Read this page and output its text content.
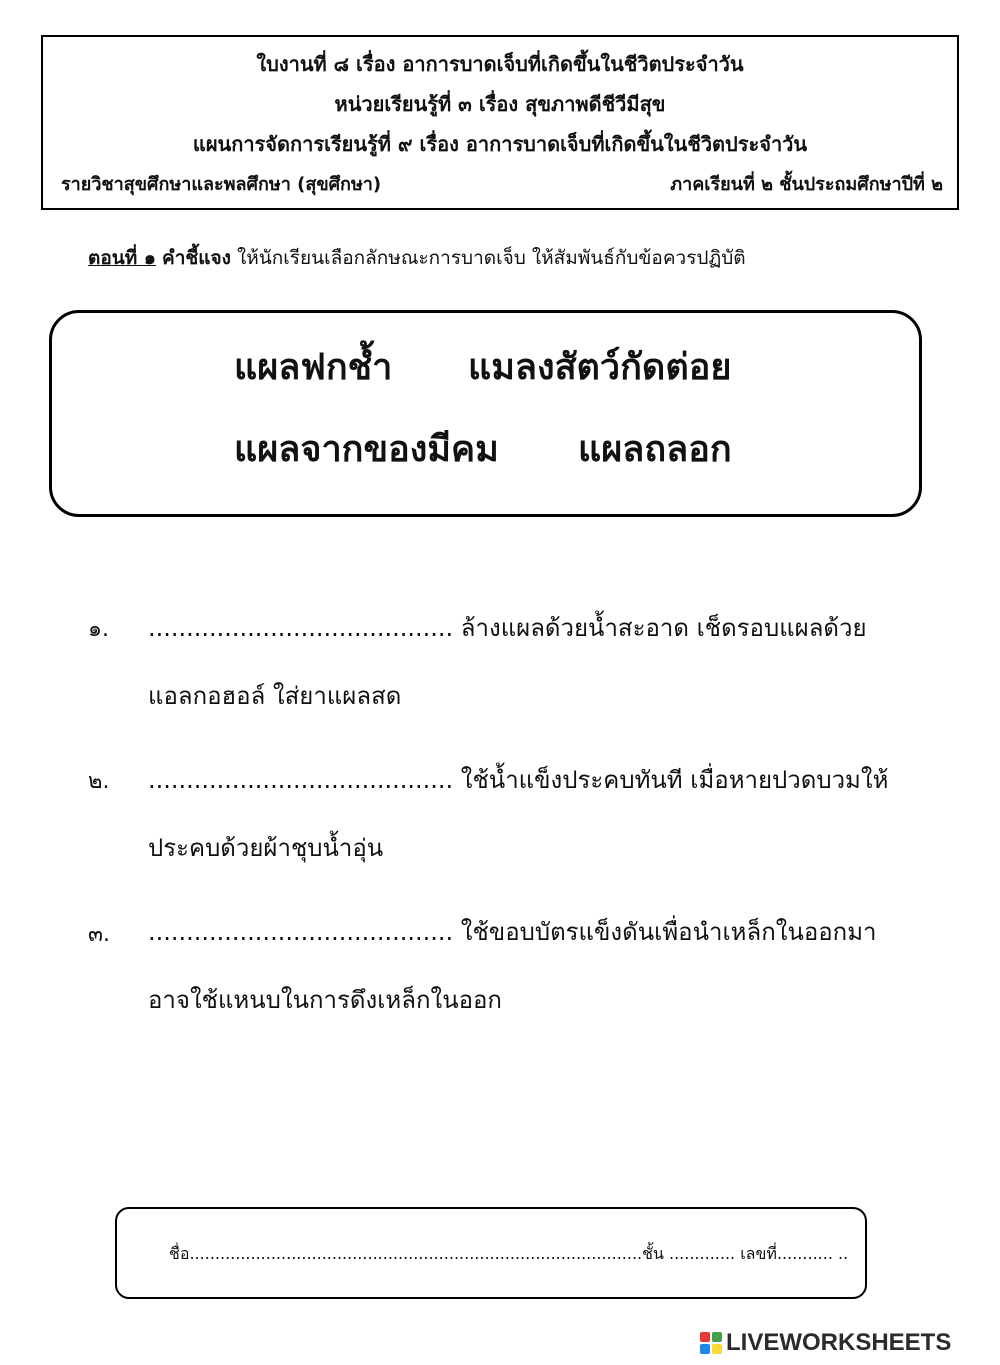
ใบงานที่ ๘ เรื่อง อาการบาดเจ็บที่เกิดขึ้นในชีวิตประจำวัน
หน่วยเรียนรู้ที่ ๓ เรื่อง สุขภาพดีชีวีมีสุข
แผนการจัดการเรียนรู้ที่ ๙ เรื่อง อาการบาดเจ็บที่เกิดขึ้นในชีวิตประจำวัน
รายวิชาสุขศึกษาและพลศึกษา (สุขศึกษา)	ภาคเรียนที่ ๒ ชั้นประถมศึกษาปีที่ ๒
ตอนที่ ๑ คำชี้แจง ให้นักเรียนเลือกลักษณะการบาดเจ็บ ให้สัมพันธ์กับข้อควรปฏิบัติ
แผลฟกช้ำ แมลงสัตว์กัดต่อย
แผลจากของมีคม แผลถลอก
๑. ........................................ ล้างแผลด้วยน้ำสะอาด เช็ดรอบแผลด้วย
แอลกอฮอล์ ใส่ยาแผลสด
๒. ........................................ ใช้น้ำแข็งประคบทันที เมื่อหายปวดบวมให้
ประคบด้วยผ้าชุบน้ำอุ่น
๓. ........................................ ใช้ขอบบัตรแข็งดันเพื่อนำเหล็กในออกมา
อาจใช้แหนบในการดึงเหล็กในออก
ชื่อ.........................................................................................ชั้น ............. เลขที่........... ..
LIVEWORKSHEETS
